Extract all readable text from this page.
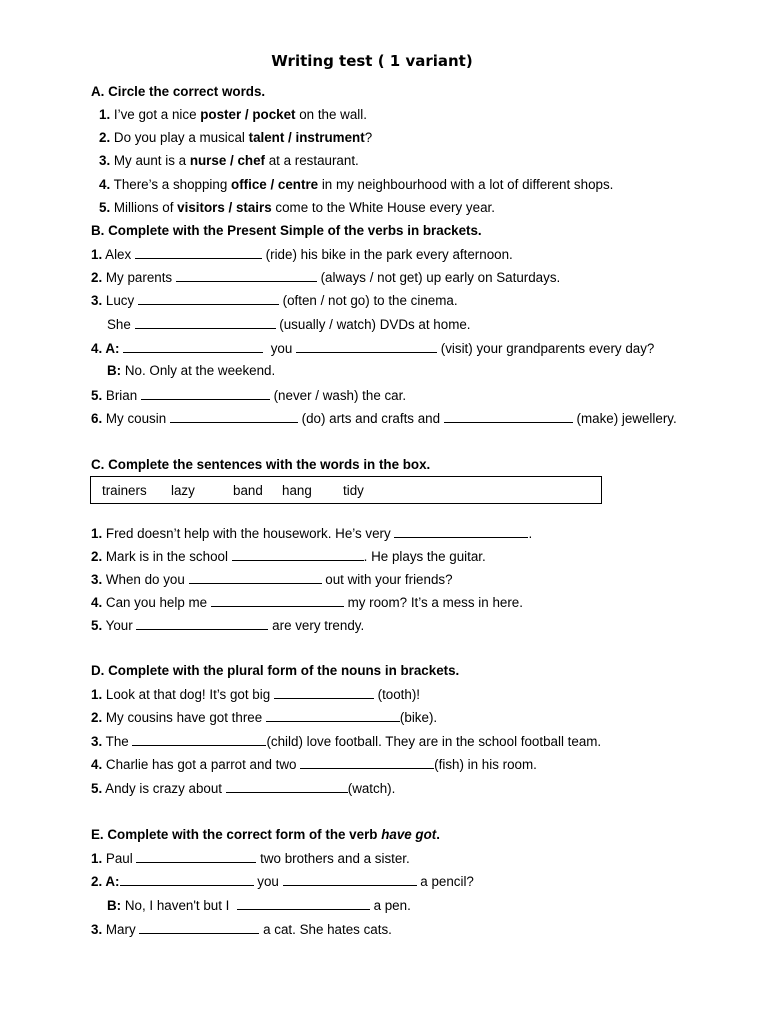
Writing test ( 1 variant)
A. Circle the correct words.
1. I’ve got a nice poster / pocket on the wall.
2. Do you play a musical talent / instrument?
3. My aunt is a nurse / chef at a restaurant.
4. There’s a shopping office / centre in my neighbourhood with a lot of different shops.
5. Millions of visitors / stairs come to the White House every year.
B. Complete with the Present Simple of the verbs in brackets.
1. Alex	(ride) his bike in the park every afternoon.
2. My parents	(always / not get) up early on Saturdays.
3. Lucy	(often / not go) to the cinema.
She	(usually / watch) DVDs at home.
4. A:	you	(visit) your grandparents every day?
B: No. Only at the weekend.
5. Brian	(never / wash) the car.
6. My cousin	(do) arts and crafts and	(make) jewellery.
C. Complete the sentences with the words in the box.
trainers lazy	band hang tidy
1. Fred doesn’t help with the housework. He’s very	.
2. Mark is in the school	. He plays the guitar.
3. When do you	out with your friends?
4. Can you help me	my room? It’s a mess in here.
5. Your	are very trendy.
D. Complete with the plural form of the nouns in brackets.
1. Look at that dog! It’s got big	(tooth)!
2. My cousins have got three	(bike).
3. The	(child) love football. They are in the school football team.
4. Charlie has got a parrot and two	(fish) in his room.
5. Andy is crazy about	(watch).
E. Complete with the correct form of the verb have got.
1. Paul	two brothers and a sister.
2. A:	you	a pencil?
B: No, I haven't but I	a pen.
3. Mary	a cat. She hates cats.
